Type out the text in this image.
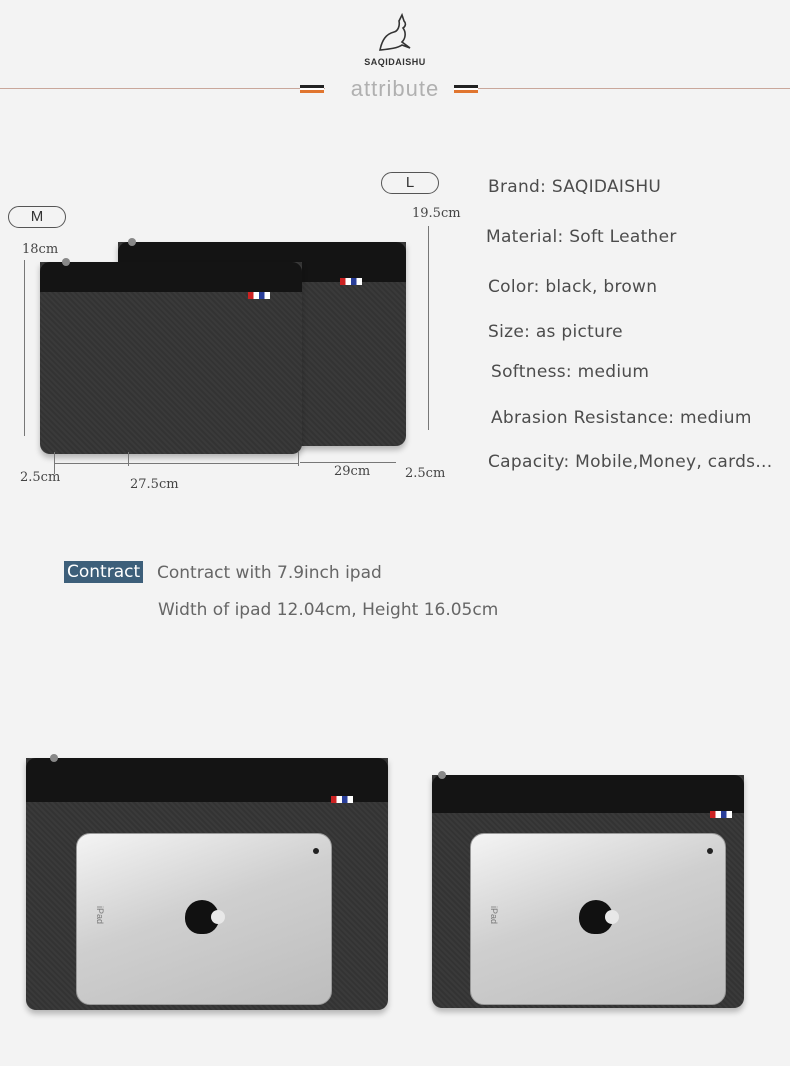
SAQIDAISHU
attribute
L
M	19.5cm
18cm
2.5cm	27.5cm
29cm	2.5cm
Brand: SAQIDAISHU
Material: Soft Leather
Color: black, brown
Size: as picture
Softness: medium
Abrasion Resistance: medium
Capacity: Mobile,Money, cards...
Contract Contract with 7.9inch ipad
Width of ipad 12.04cm, Height 16.05cm
iPad	iPad
